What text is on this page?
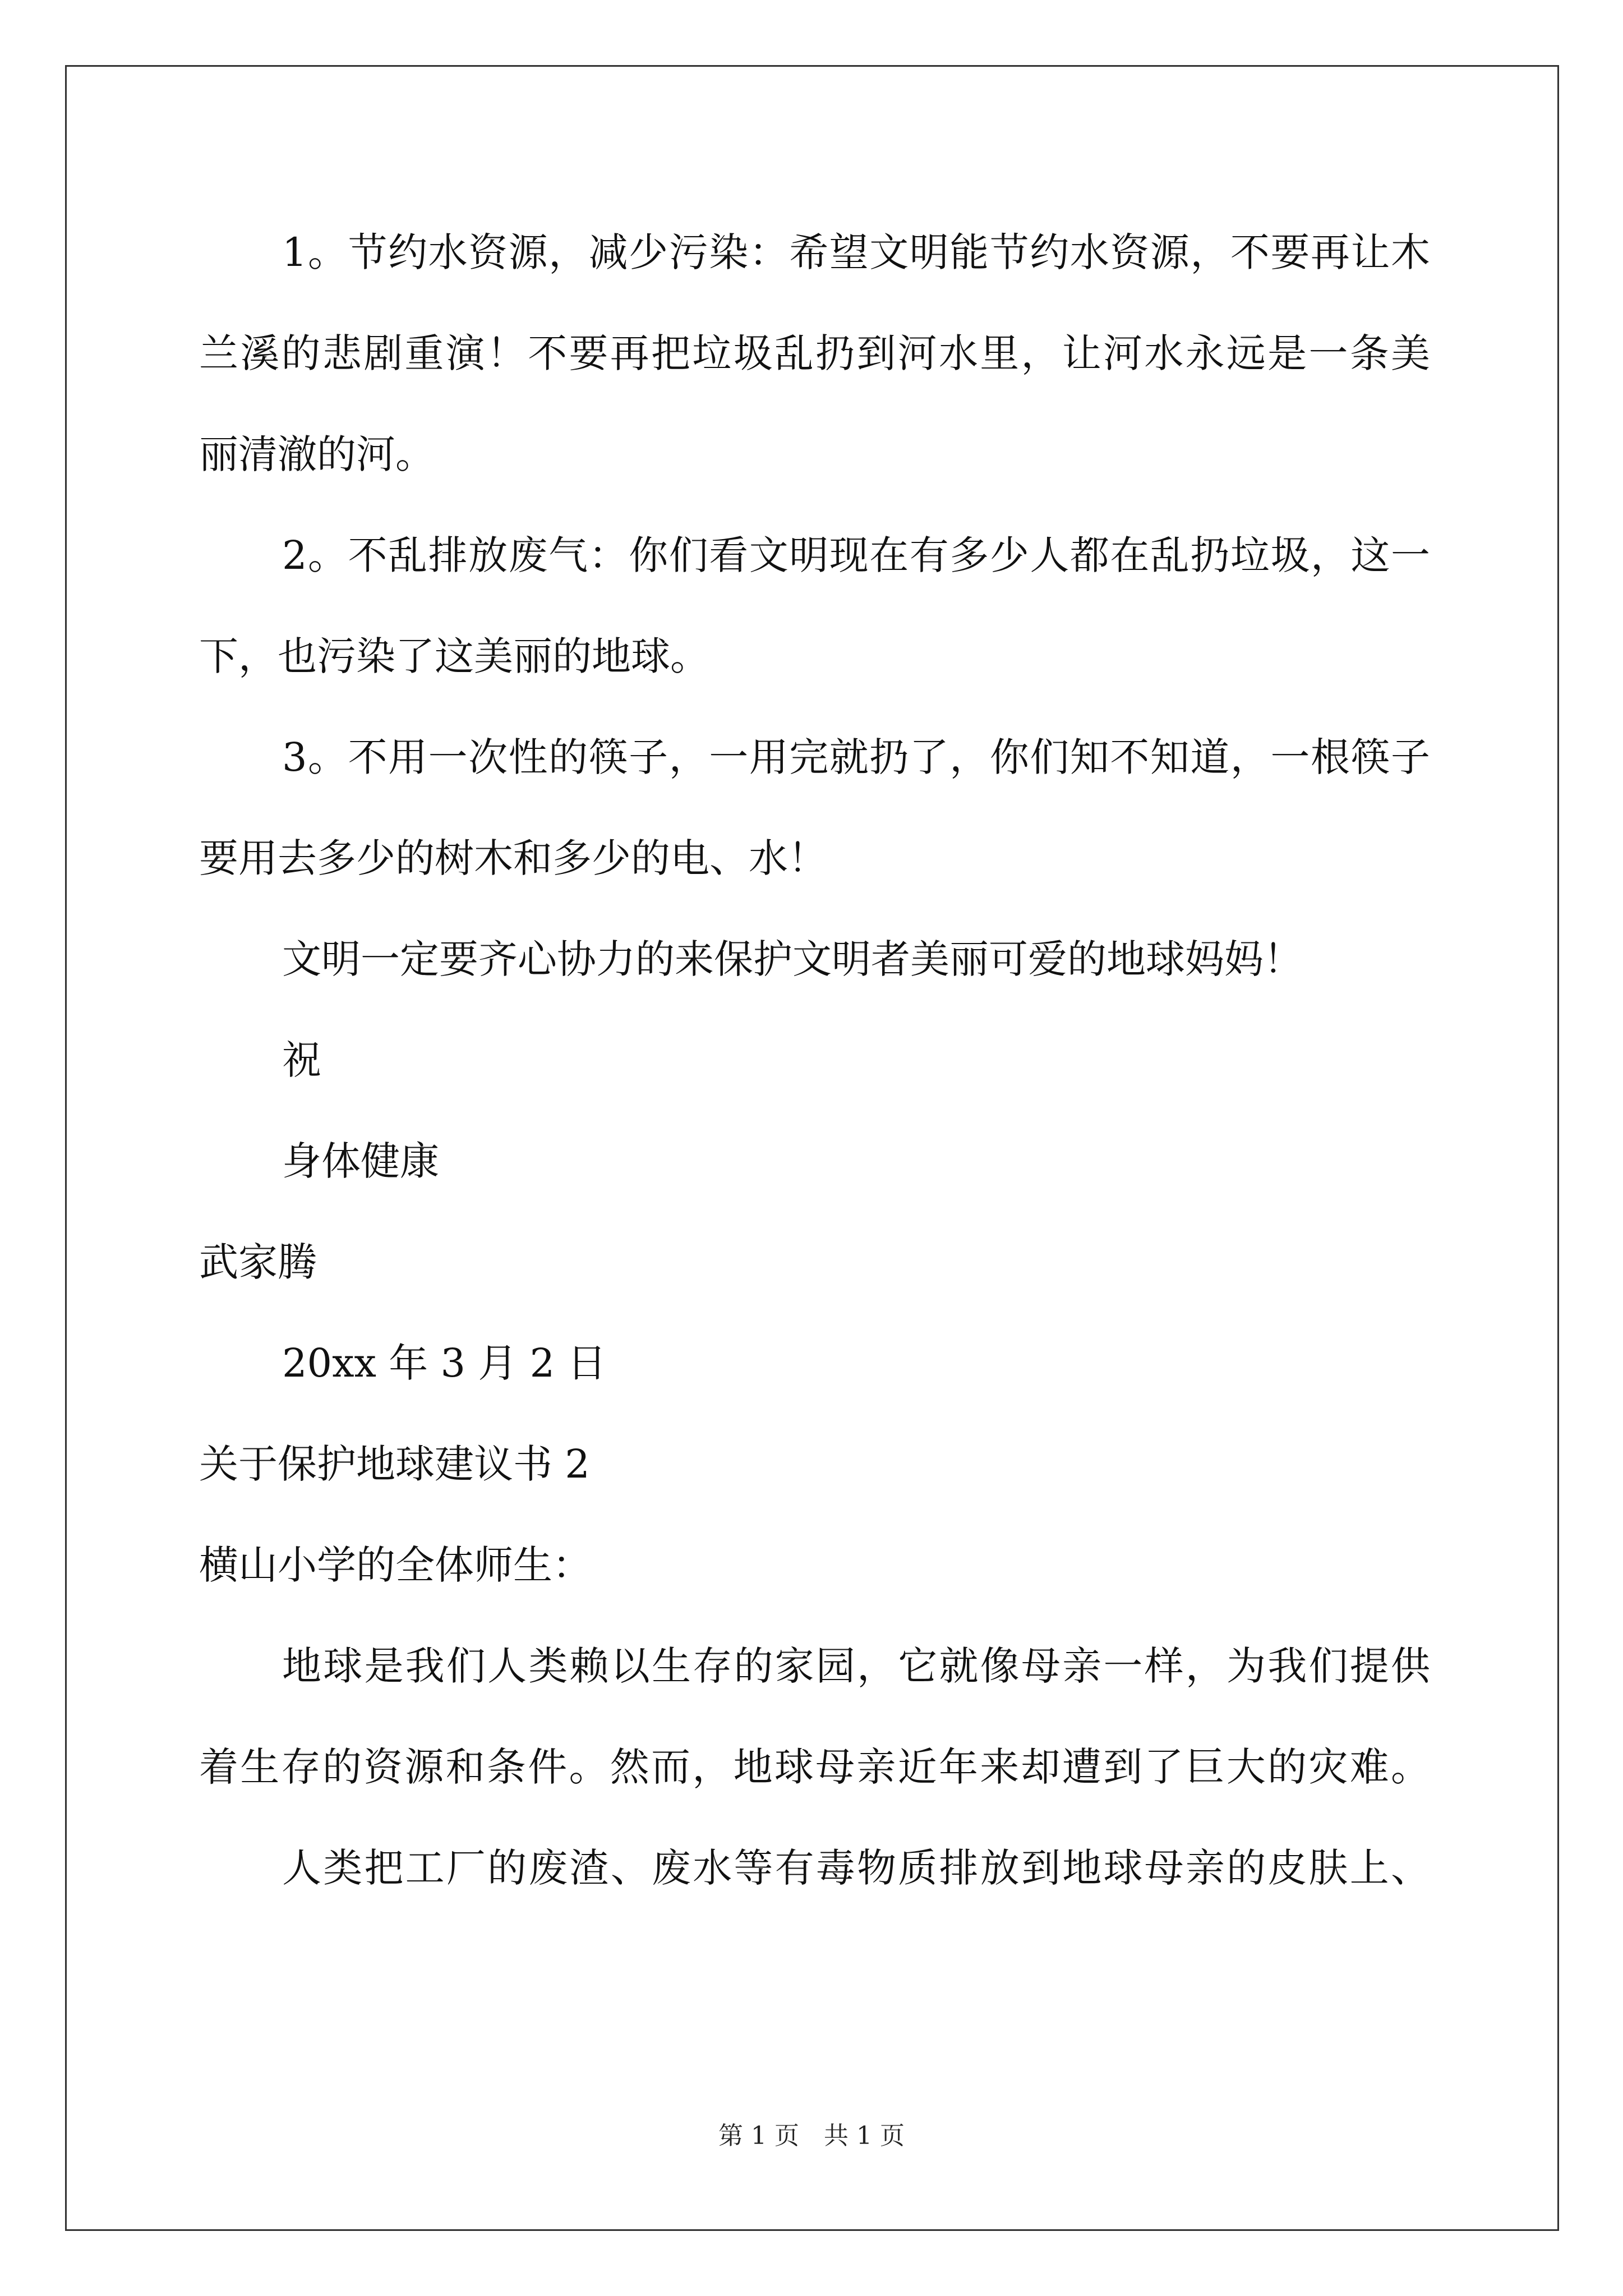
1。节约水资源，减少污染：希望文明能节约水资源，不要再让木
兰溪的悲剧重演！不要再把垃圾乱扔到河水里，让河水永远是一条美
丽清澈的河。
2。不乱排放废气：你们看文明现在有多少人都在乱扔垃圾，这一
下，也污染了这美丽的地球。
3。不用一次性的筷子，一用完就扔了，你们知不知道，一根筷子
要用去多少的树木和多少的电、水！
文明一定要齐心协力的来保护文明者美丽可爱的地球妈妈！
祝
身体健康
武家腾
20xx 年 3 月 2 日
关于保护地球建议书 2
横山小学的全体师生：
地球是我们人类赖以生存的家园，它就像母亲一样，为我们提供
着生存的资源和条件。然而，地球母亲近年来却遭到了巨大的灾难。
人类把工厂的废渣、废水等有毒物质排放到地球母亲的皮肤上、
第 1 页　共 1 页
